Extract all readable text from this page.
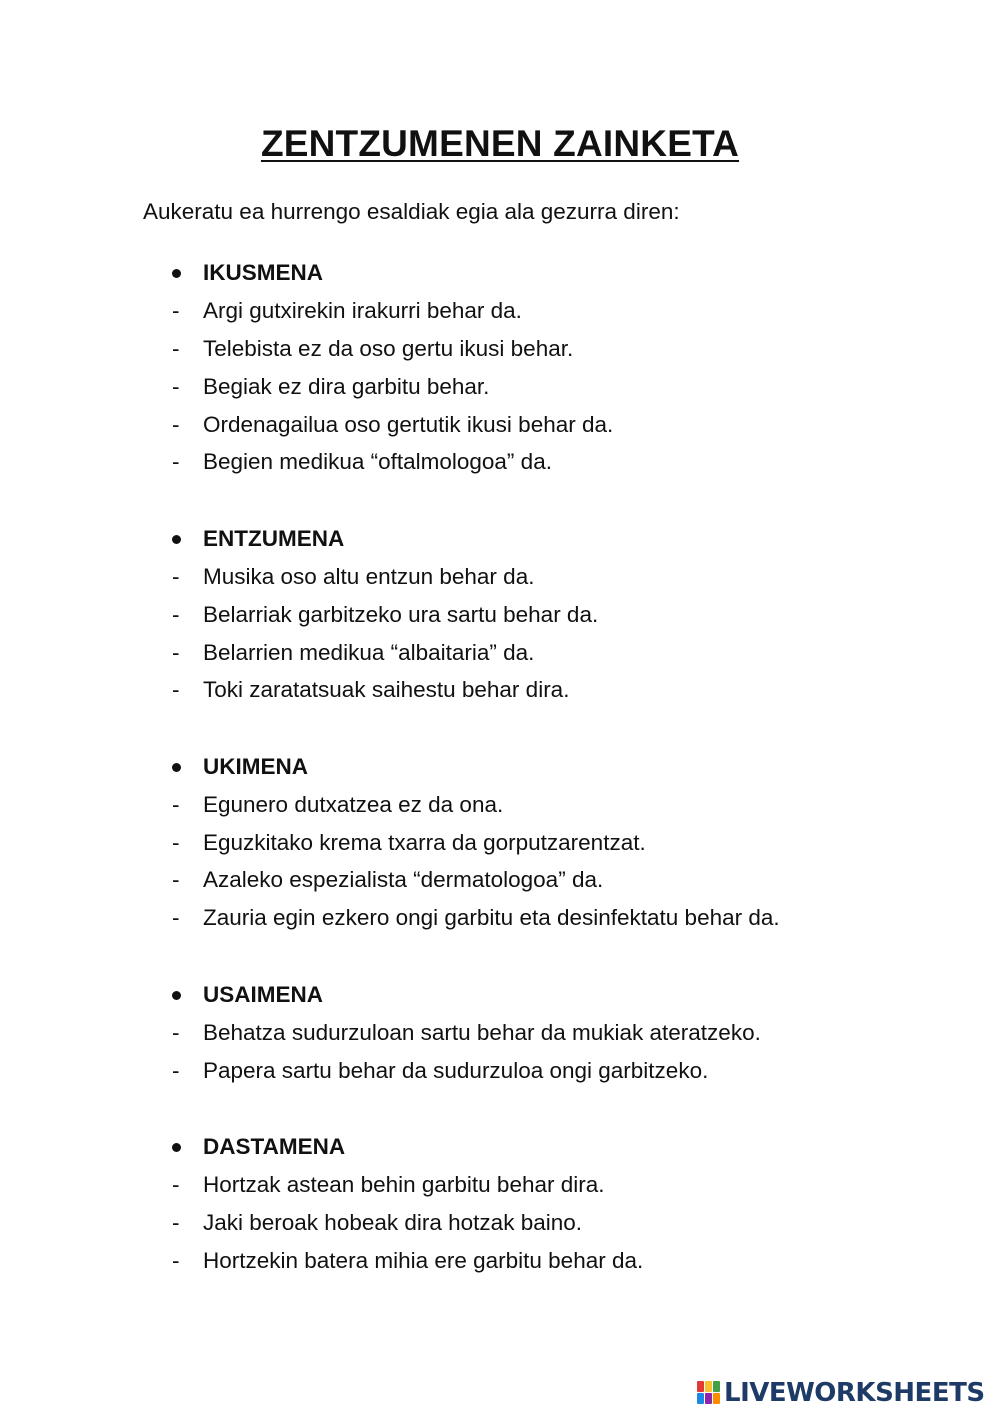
ZENTZUMENEN ZAINKETA
Aukeratu ea hurrengo esaldiak egia ala gezurra diren:
IKUSMENA
- Argi gutxirekin irakurri behar da.
- Telebista ez da oso gertu ikusi behar.
- Begiak ez dira garbitu behar.
- Ordenagailua oso gertutik ikusi behar da.
- Begien medikua “oftalmologoa” da.
ENTZUMENA
- Musika oso altu entzun behar da.
- Belarriak garbitzeko ura sartu behar da.
- Belarrien medikua “albaitaria” da.
- Toki zaratatsuak saihestu behar dira.
UKIMENA
- Egunero dutxatzea ez da ona.
- Eguzkitako krema txarra da gorputzarentzat.
- Azaleko espezialista “dermatologoa” da.
- Zauria egin ezkero ongi garbitu eta desinfektatu behar da.
USAIMENA
- Behatza sudurzuloan sartu behar da mukiak ateratzeko.
- Papera sartu behar da sudurzuloa ongi garbitzeko.
DASTAMENA
- Hortzak astean behin garbitu behar dira.
- Jaki beroak hobeak dira hotzak baino.
- Hortzekin batera mihia ere garbitu behar da.
LIVEWORKSHEETS
